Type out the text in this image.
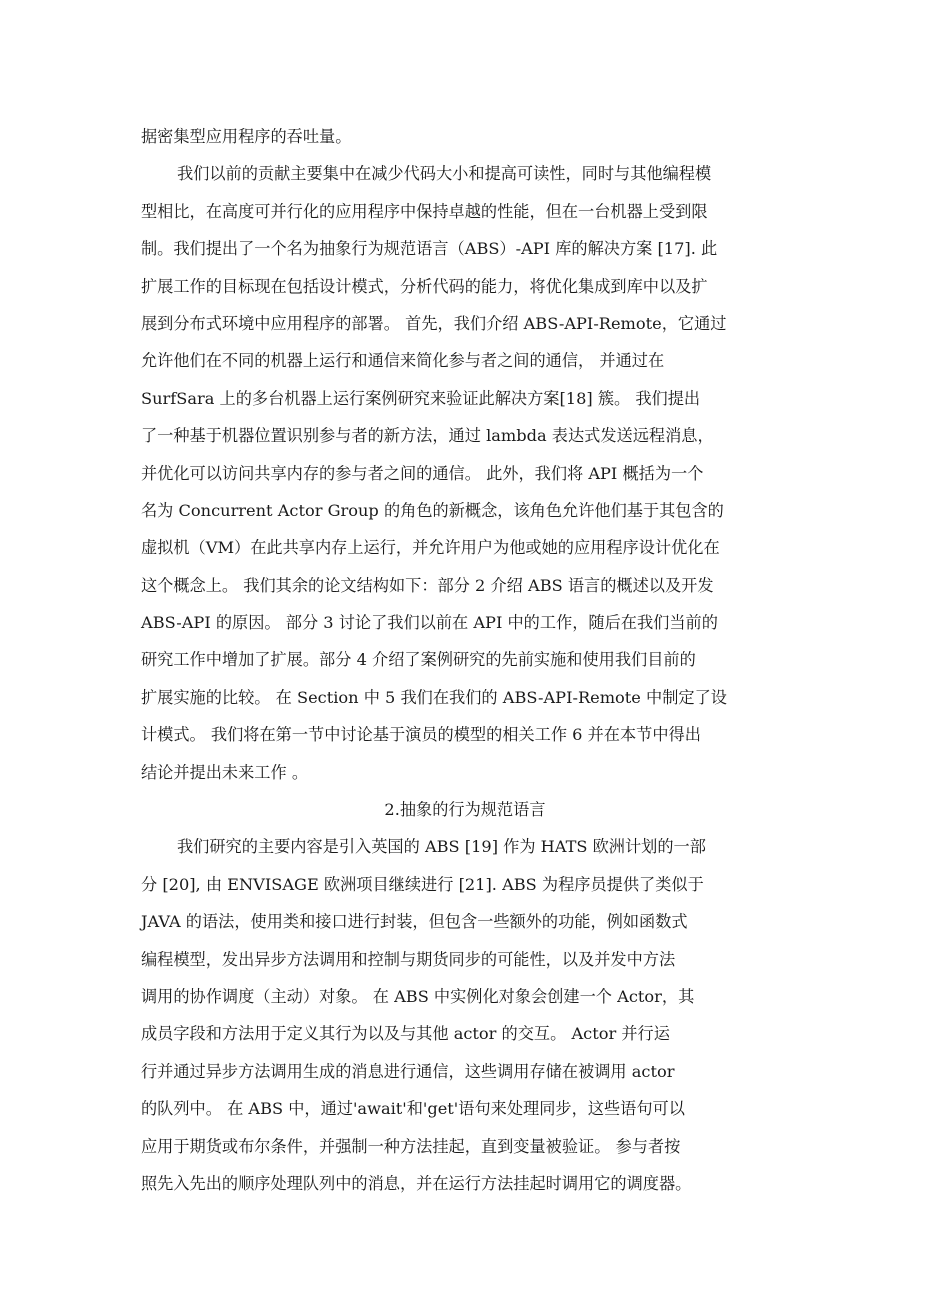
据密集型应用程序的吞吐量。

我们以前的贡献主要集中在减少代码大小和提高可读性，同时与其他编程模
型相比，在高度可并行化的应用程序中保持卓越的性能，但在一台机器上受到限
制。我们提出了一个名为抽象行为规范语言（ABS）-API 库的解决方案 [17]. 此
扩展工作的目标现在包括设计模式，分析代码的能力，将优化集成到库中以及扩
展到分布式环境中应用程序的部署。 首先，我们介绍 ABS-API-Remote，它通过
允许他们在不同的机器上运行和通信来简化参与者之间的通信， 并通过在
SurfSara 上的多台机器上运行案例研究来验证此解决方案[18] 簇。 我们提出
了一种基于机器位置识别参与者的新方法，通过 lambda 表达式发送远程消息，
并优化可以访问共享内存的参与者之间的通信。 此外，我们将 API 概括为一个
名为 Concurrent Actor Group 的角色的新概念，该角色允许他们基于其包含的
虚拟机（VM）在此共享内存上运行，并允许用户为他或她的应用程序设计优化在
这个概念上。 我们其余的论文结构如下：部分 2 介绍 ABS 语言的概述以及开发
ABS-API 的原因。 部分 3 讨论了我们以前在 API 中的工作，随后在我们当前的
研究工作中增加了扩展。部分 4 介绍了案例研究的先前实施和使用我们目前的
扩展实施的比较。 在 Section 中 5 我们在我们的 ABS-API-Remote 中制定了设
计模式。 我们将在第一节中讨论基于演员的模型的相关工作 6 并在本节中得出
结论并提出未来工作 。

2.抽象的行为规范语言

我们研究的主要内容是引入英国的 ABS [19] 作为 HATS 欧洲计划的一部
分 [20], 由 ENVISAGE 欧洲项目继续进行 [21]. ABS 为程序员提供了类似于
JAVA 的语法，使用类和接口进行封装，但包含一些额外的功能，例如函数式
编程模型，发出异步方法调用和控制与期货同步的可能性，以及并发中方法
调用的协作调度（主动）对象。 在 ABS 中实例化对象会创建一个 Actor，其
成员字段和方法用于定义其行为以及与其他 actor 的交互。 Actor 并行运
行并通过异步方法调用生成的消息进行通信，这些调用存储在被调用 actor
的队列中。 在 ABS 中，通过'await'和'get'语句来处理同步，这些语句可以
应用于期货或布尔条件，并强制一种方法挂起，直到变量被验证。 参与者按
照先入先出的顺序处理队列中的消息，并在运行方法挂起时调用它的调度器。
